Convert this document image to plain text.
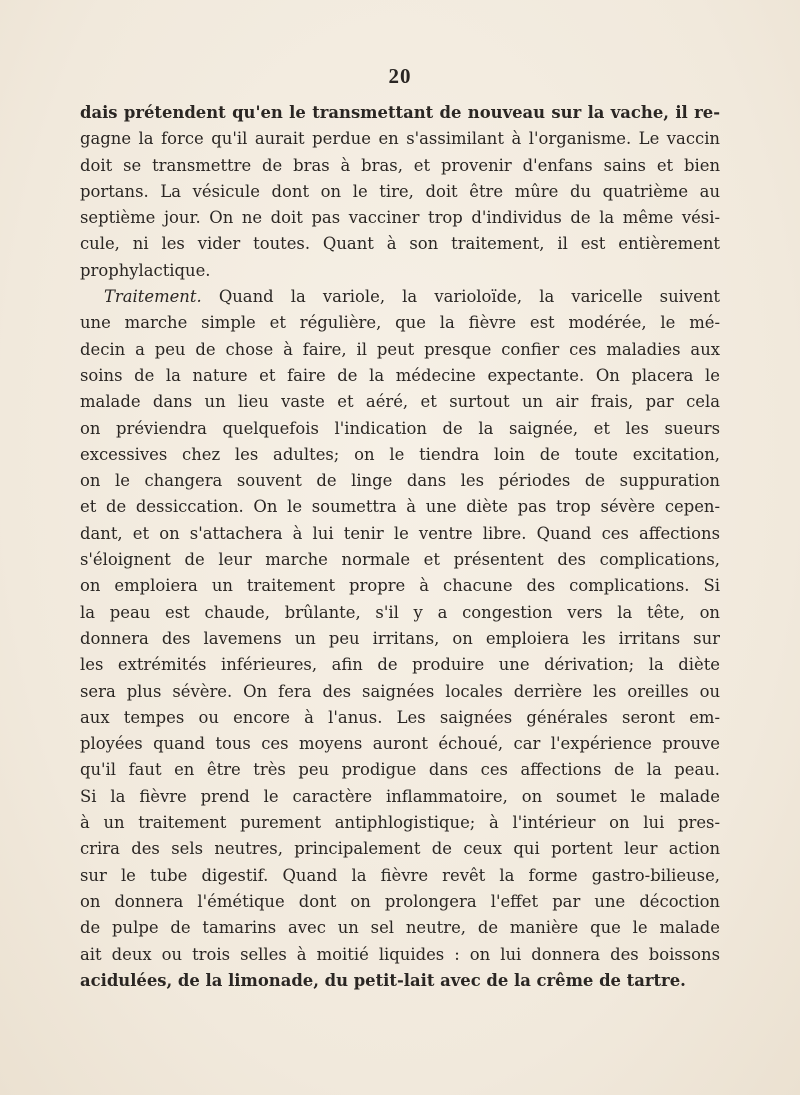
20
dais prétendent qu'en le transmettant de nouveau sur la vache, il re-
gagne la force qu'il aurait perdue en s'assimilant à l'organisme. Le vaccin
doit se transmettre de bras à bras, et provenir d'enfans sains et bien
portans. La vésicule dont on le tire, doit être mûre du quatrième au
septième jour. On ne doit pas vacciner trop d'individus de la même vési-
cule, ni les vider toutes. Quant à son traitement, il est entièrement
prophylactique.
Traitement. Quand la variole, la varioloïde, la varicelle suivent
une marche simple et régulière, que la fièvre est modérée, le mé-
decin a peu de chose à faire, il peut presque confier ces maladies aux
soins de la nature et faire de la médecine expectante. On placera le
malade dans un lieu vaste et aéré, et surtout un air frais, par cela
on préviendra quelquefois l'indication de la saignée, et les sueurs
excessives chez les adultes; on le tiendra loin de toute excitation,
on le changera souvent de linge dans les périodes de suppuration
et de dessiccation. On le soumettra à une diète pas trop sévère cepen-
dant, et on s'attachera à lui tenir le ventre libre. Quand ces affections
s'éloignent de leur marche normale et présentent des complications,
on emploiera un traitement propre à chacune des complications. Si
la peau est chaude, brûlante, s'il y a congestion vers la tête, on
donnera des lavemens un peu irritans, on emploiera les irritans sur
les extrémités inférieures, afin de produire une dérivation; la diète
sera plus sévère. On fera des saignées locales derrière les oreilles ou
aux tempes ou encore à l'anus. Les saignées générales seront em-
ployées quand tous ces moyens auront échoué, car l'expérience prouve
qu'il faut en être très peu prodigue dans ces affections de la peau.
Si la fièvre prend le caractère inflammatoire, on soumet le malade
à un traitement purement antiphlogistique; à l'intérieur on lui pres-
crira des sels neutres, principalement de ceux qui portent leur action
sur le tube digestif. Quand la fièvre revêt la forme gastro-bilieuse,
on donnera l'émétique dont on prolongera l'effet par une décoction
de pulpe de tamarins avec un sel neutre, de manière que le malade
ait deux ou trois selles à moitié liquides : on lui donnera des boissons
acidulées, de la limonade, du petit-lait avec de la crême de tartre.
